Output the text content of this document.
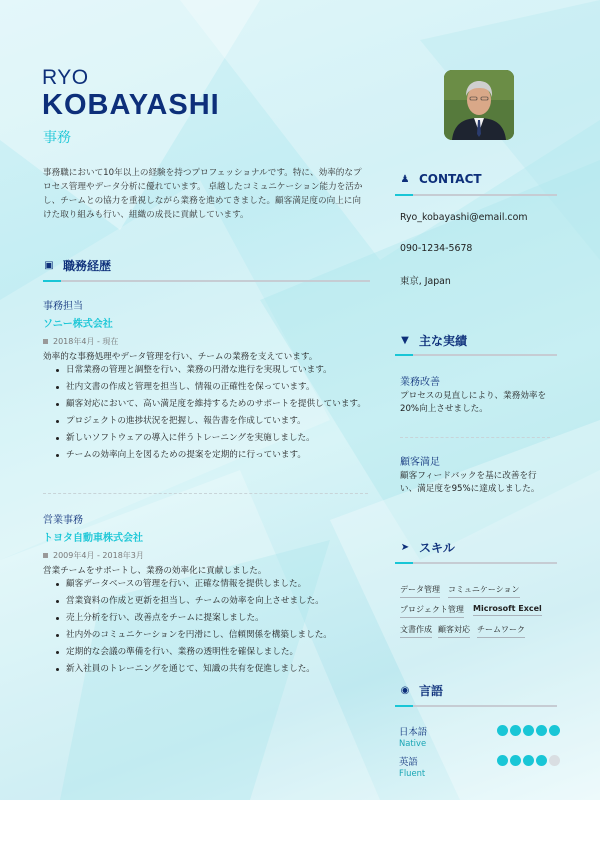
RYO
KOBAYASHI
事務
事務職において10年以上の経験を持つプロフェッショナルです。特に、効率的なプロセス管理やデータ分析に優れています。 卓越したコミュニケーション能力を活かし、チームとの協力を重視しながら業務を進めてきました。顧客満足度の向上に向けた取り組みも行い、組織の成長に貢献しています。
▣ 職務経歴
事務担当
ソニー株式会社
2018年4月 - 現在
効率的な事務処理やデータ管理を行い、チームの業務を支えています。
日常業務の管理と調整を行い、業務の円滑な進行を実現しています。
社内文書の作成と管理を担当し、情報の正確性を保っています。
顧客対応において、高い満足度を維持するためのサポートを提供しています。
プロジェクトの進捗状況を把握し、報告書を作成しています。
新しいソフトウェアの導入に伴うトレーニングを実施しました。
チームの効率向上を図るための提案を定期的に行っています。
営業事務
トヨタ自動車株式会社
2009年4月 - 2018年3月
営業チームをサポートし、業務の効率化に貢献しました。
顧客データベースの管理を行い、正確な情報を提供しました。
営業資料の作成と更新を担当し、チームの効率を向上させました。
売上分析を行い、改善点をチームに提案しました。
社内外のコミュニケーションを円滑にし、信頼関係を構築しました。
定期的な会議の準備を行い、業務の透明性を確保しました。
新入社員のトレーニングを通じて、知識の共有を促進しました。
♟ CONTACT
Ryo_kobayashi@email.com
090-1234-5678
東京, Japan
▼ 主な実績
業務改善
プロセスの見直しにより、業務効率を20%向上させました。
顧客満足
顧客フィードバックを基に改善を行い、満足度を95%に達成しました。
➤ スキル
データ管理 コミュニケーション
プロジェクト管理 Microsoft Excel
文書作成 顧客対応 チームワーク
◉ 言語
日本語
Native
英語
Fluent
